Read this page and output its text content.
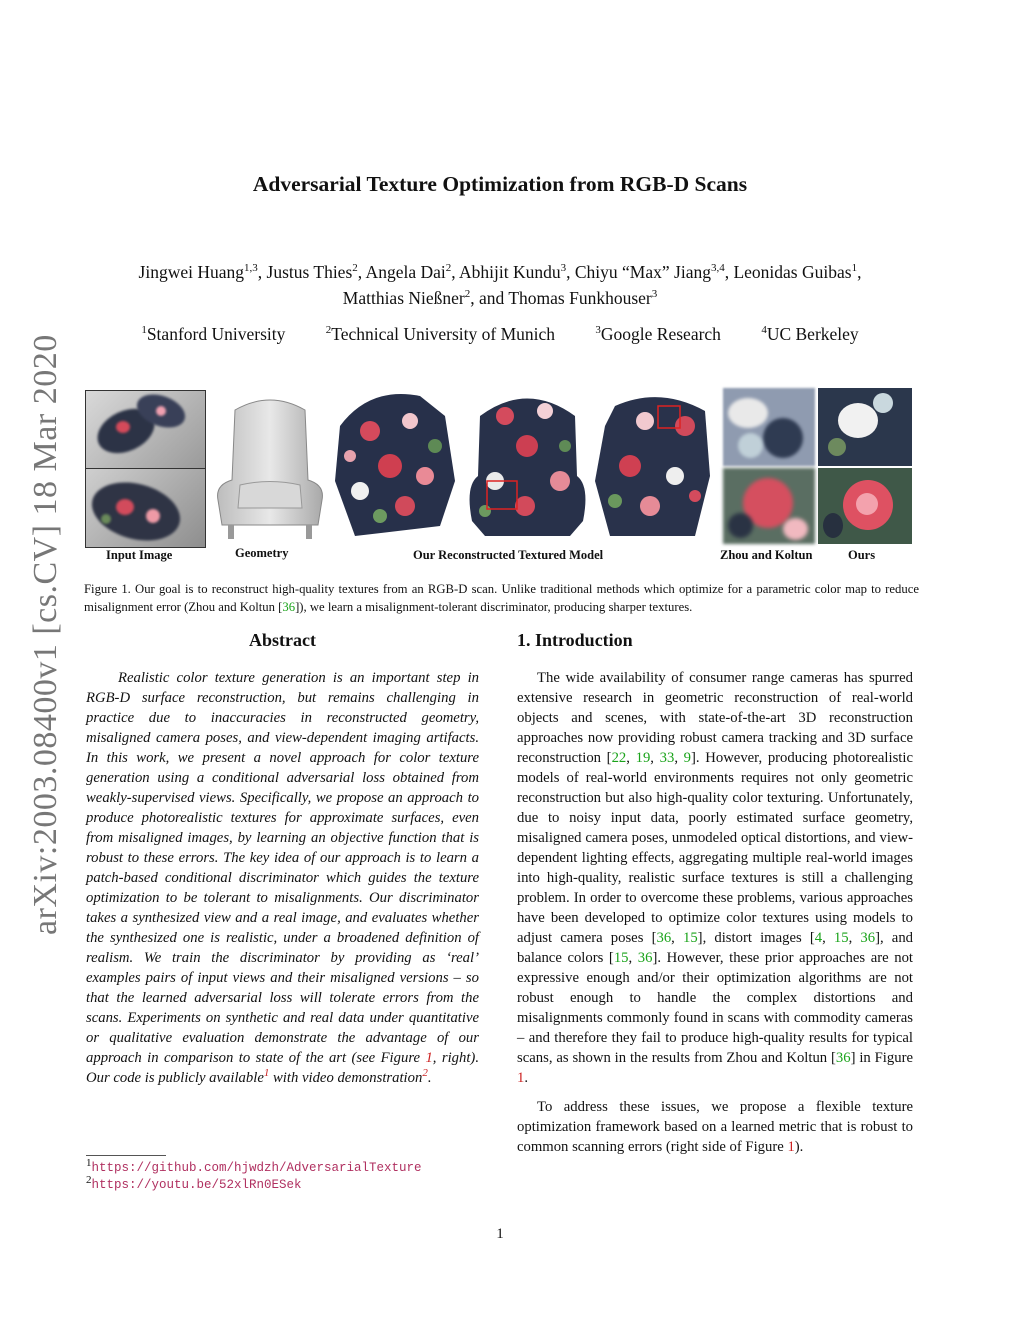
arXiv:2003.08400v1 [cs.CV] 18 Mar 2020
Adversarial Texture Optimization from RGB-D Scans
Jingwei Huang$^{1,3}$, Justus Thies$^2$, Angela Dai$^2$, Abhijit Kundu$^3$, Chiyu “Max” Jiang$^{3,4}$, Leonidas Guibas$^1$,
Matthias Nießner$^2$, and Thomas Funkhouser$^3$
$^1$Stanford University	$^2$Technical University of Munich	$^3$Google Research	$^4$UC Berkeley
Input Image	Geometry	Our Reconstructed Textured Model	Zhou and Koltun	Ours
Figure 1. Our goal is to reconstruct high-quality textures from an RGB-D scan. Unlike traditional methods which optimize for a parametric color map to reduce misalignment error (Zhou and Koltun [36]), we learn a misalignment-tolerant discriminator, producing sharper textures.
Abstract
Realistic color texture generation is an important step in RGB-D surface reconstruction, but remains challenging in practice due to inaccuracies in reconstructed geometry, misaligned camera poses, and view-dependent imaging artifacts. In this work, we present a novel approach for color texture generation using a conditional adversarial loss obtained from weakly-supervised views. Specifically, we propose an approach to produce photorealistic textures for approximate surfaces, even from misaligned images, by learning an objective function that is robust to these errors. The key idea of our approach is to learn a patch-based conditional discriminator which guides the texture optimization to be tolerant to misalignments. Our discriminator takes a synthesized view and a real image, and evaluates whether the synthesized one is realistic, under a broadened definition of realism. We train the discriminator by providing as ‘real’ examples pairs of input views and their misaligned versions – so that the learned adversarial loss will tolerate errors from the scans. Experiments on synthetic and real data under quantitative or qualitative evaluation demonstrate the advantage of our approach in comparison to state of the art (see Figure 1, right). Our code is publicly available$^1$ with video demonstration$^2$.
1. Introduction

The wide availability of consumer range cameras has spurred extensive research in geometric reconstruction of real-world objects and scenes, with state-of-the-art 3D reconstruction approaches now providing robust camera tracking and 3D surface reconstruction [22, 19, 33, 9]. However, producing photorealistic models of real-world environments requires not only geometric reconstruction but also high-quality color texturing. Unfortunately, due to noisy input data, poorly estimated surface geometry, misaligned camera poses, unmodeled optical distortions, and view-dependent lighting effects, aggregating multiple real-world images into high-quality, realistic surface textures is still a challenging problem. In order to overcome these problems, various approaches have been developed to optimize color textures using models to adjust camera poses [36, 15], distort images [4, 15, 36], and balance colors [15, 36]. However, these prior approaches are not expressive enough and/or their optimization algorithms are not robust enough to handle the complex distortions and misalignments commonly found in scans with commodity cameras – and therefore they fail to produce high-quality results for typical scans, as shown in the results from Zhou and Koltun [36] in Figure 1.

To address these issues, we propose a flexible texture optimization framework based on a learned metric that is robust to common scanning errors (right side of Figure 1).

$^1$https://github.com/hjwdzh/AdversarialTexture
$^2$https://youtu.be/52xlRn0ESek
1
